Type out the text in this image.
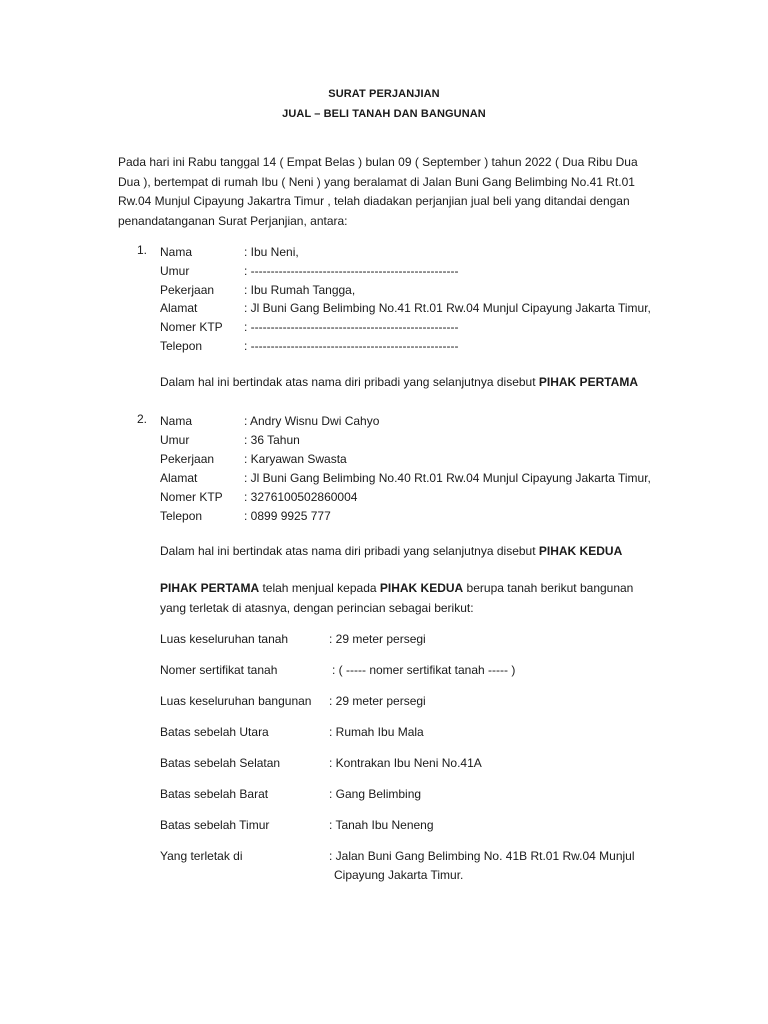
SURAT PERJANJIAN
JUAL – BELI TANAH DAN BANGUNAN
Pada hari ini Rabu tanggal 14 ( Empat Belas ) bulan 09 ( September ) tahun 2022 ( Dua Ribu Dua Dua ), bertempat di rumah Ibu ( Neni ) yang beralamat di Jalan Buni Gang Belimbing No.41 Rt.01 Rw.04 Munjul Cipayung Jakartra Timur , telah diadakan perjanjian jual beli yang ditandai dengan penandatanganan Surat Perjanjian, antara:
1. Nama	: Ibu Neni,
Umur	: ----------------------------------------------------
Pekerjaan : Ibu Rumah Tangga,
Alamat	: Jl Buni Gang Belimbing No.41 Rt.01 Rw.04 Munjul Cipayung Jakarta Timur,
Nomer KTP : ----------------------------------------------------
Telepon	: ----------------------------------------------------
Dalam hal ini bertindak atas nama diri pribadi yang selanjutnya disebut PIHAK PERTAMA
2. Nama	: Andry Wisnu Dwi Cahyo
Umur	: 36 Tahun
Pekerjaan : Karyawan Swasta
Alamat	: Jl Buni Gang Belimbing No.40 Rt.01 Rw.04 Munjul Cipayung Jakarta Timur,
Nomer KTP : 3276100502860004
Telepon	: 0899 9925 777
Dalam hal ini bertindak atas nama diri pribadi yang selanjutnya disebut PIHAK KEDUA
PIHAK PERTAMA telah menjual kepada PIHAK KEDUA berupa tanah berikut bangunan yang terletak di atasnya, dengan perincian sebagai berikut:
Luas keseluruhan tanah	: 29 meter persegi
Nomer sertifikat tanah	: ( ----- nomer sertifikat tanah ----- )
Luas keseluruhan bangunan : 29 meter persegi
Batas sebelah Utara	: Rumah Ibu Mala
Batas sebelah Selatan	: Kontrakan Ibu Neni No.41A
Batas sebelah Barat	: Gang Belimbing
Batas sebelah Timur	: Tanah Ibu Neneng
Yang terletak di	: Jalan Buni Gang Belimbing No. 41B Rt.01 Rw.04 Munjul
Cipayung Jakarta Timur.
